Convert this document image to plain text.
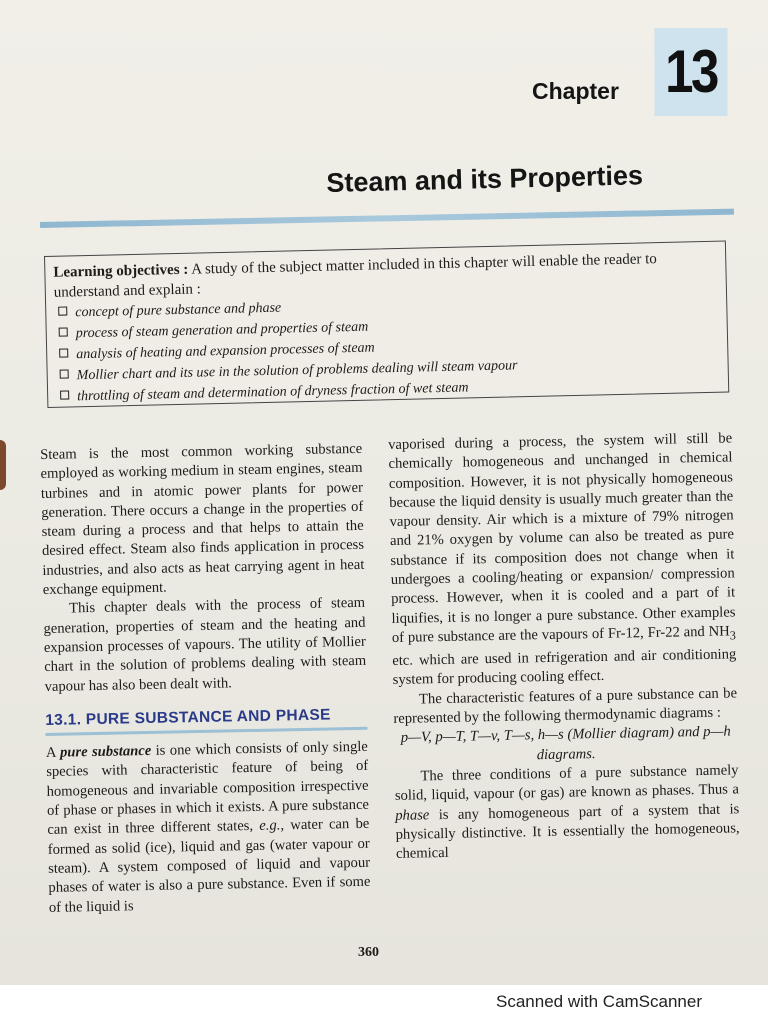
Chapter 13
Steam and its Properties
Learning objectives : A study of the subject matter included in this chapter will enable the reader to understand and explain :
concept of pure substance and phase
process of steam generation and properties of steam
analysis of heating and expansion processes of steam
Mollier chart and its use in the solution of problems dealing will steam vapour
throttling of steam and determination of dryness fraction of wet steam

Steam is the most common working substance employed as working medium in steam engines, steam turbines and in atomic power plants for power generation. There occurs a change in the properties of steam during a process and that helps to attain the desired effect. Steam also finds application in process industries, and also acts as heat carrying agent in heat exchange equipment.

This chapter deals with the process of steam generation, properties of steam and the heating and expansion processes of vapours. The utility of Mollier chart in the solution of problems dealing with steam vapour has also been dealt with.

13.1. PURE SUBSTANCE AND PHASE

A pure substance is one which consists of only single species with characteristic feature of being of homogeneous and invariable composition irrespective of phase or phases in which it exists. A pure substance can exist in three different states, e.g., water can be formed as solid (ice), liquid and gas (water vapour or steam). A system composed of liquid and vapour phases of water is also a pure substance. Even if some of the liquid is

vaporised during a process, the system will still be chemically homogeneous and unchanged in chemical composition. However, it is not physically homogeneous because the liquid density is usually much greater than the vapour density. Air which is a mixture of 79% nitrogen and 21% oxygen by volume can also be treated as pure substance if its composition does not change when it undergoes a cooling/heating or expansion/ compression process. However, when it is cooled and a part of it liquifies, it is no longer a pure substance. Other examples of pure substance are the vapours of Fr-12, Fr-22 and $NH_3$ etc. which are used in refrigeration and air conditioning system for producing cooling effect.

The characteristic features of a pure substance can be represented by the following thermodynamic diagrams :

p—V, p—T, T—v, T—s, h—s (Mollier diagram) and p—h diagrams.

The three conditions of a pure substance namely solid, liquid, vapour (or gas) are known as phases. Thus a phase is any homogeneous part of a system that is physically distinctive. It is essentially the homogeneous, chemical

360
Scanned with CamScanner
